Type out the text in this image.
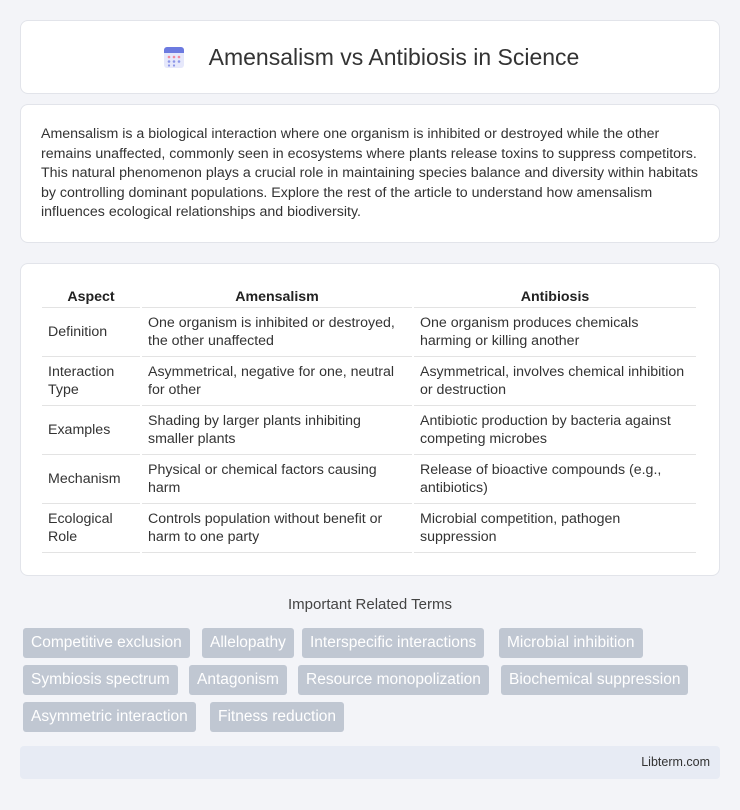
Amensalism vs Antibiosis in Science

Amensalism is a biological interaction where one organism is inhibited or destroyed while the other remains unaffected, commonly seen in ecosystems where plants release toxins to suppress competitors. This natural phenomenon plays a crucial role in maintaining species balance and diversity within habitats by controlling dominant populations. Explore the rest of the article to understand how amensalism influences ecological relationships and biodiversity.

Aspect	Amensalism	Antibiosis
Definition	One organism is inhibited or destroyed, the other unaffected	One organism produces chemicals harming or killing another
Interaction Type	Asymmetrical, negative for one, neutral for other	Asymmetrical, involves chemical inhibition or destruction
Examples	Shading by larger plants inhibiting smaller plants	Antibiotic production by bacteria against competing microbes
Mechanism	Physical or chemical factors causing harm	Release of bioactive compounds (e.g., antibiotics)
Ecological Role	Controls population without benefit or harm to one party	Microbial competition, pathogen suppression
Important Related Terms
Competitive exclusion	Allelopathy	Interspecific interactions	Microbial inhibition
Symbiosis spectrum	Antagonism	Resource monopolization	Biochemical suppression
Asymmetric interaction	Fitness reduction
Libterm.com
